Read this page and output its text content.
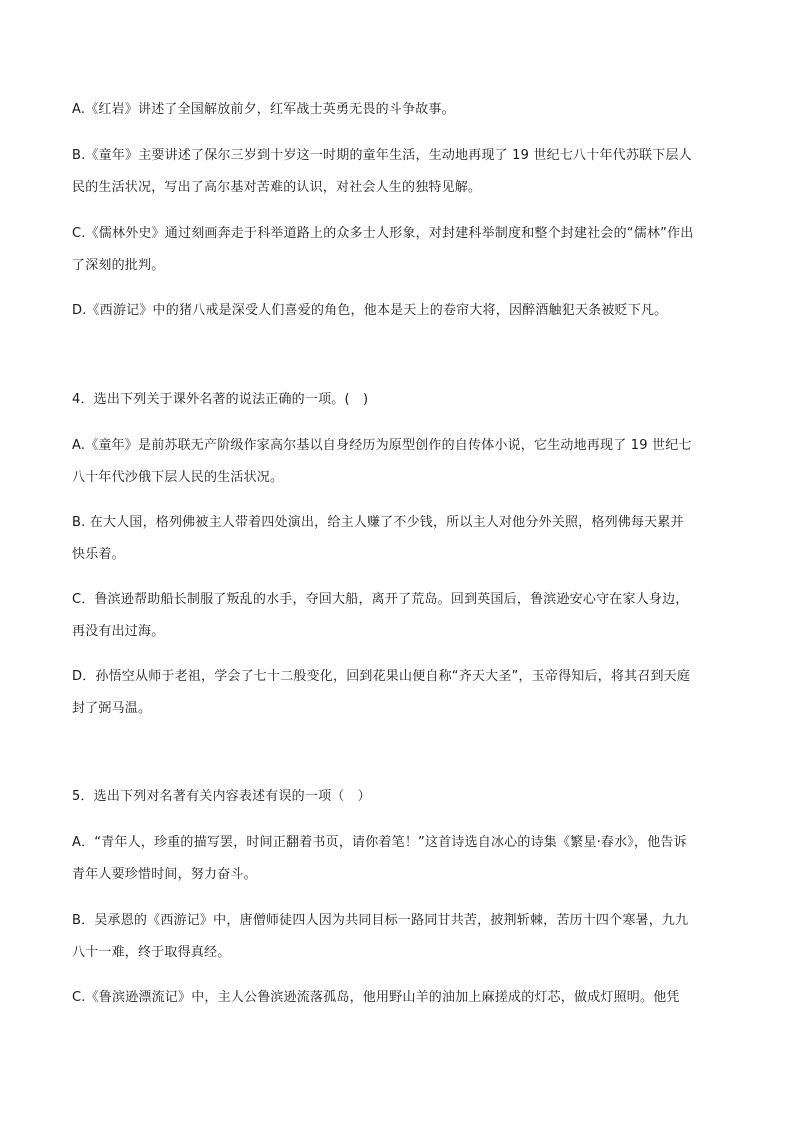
A.《红岩》讲述了全国解放前夕，红军战士英勇无畏的斗争故事。
B.《童年》主要讲述了保尔三岁到十岁这一时期的童年生活，生动地再现了 19 世纪七八十年代苏联下层人
民的生活状况，写出了高尔基对苦难的认识，对社会人生的独特见解。
C.《儒林外史》通过刻画奔走于科举道路上的众多士人形象，对封建科举制度和整个封建社会的“儒林”作出
了深刻的批判。
D.《西游记》中的猪八戒是深受人们喜爱的角色，他本是天上的卷帘大将，因醉酒触犯天条被贬下凡。
4．选出下列关于课外名著的说法正确的一项。(　)
A.《童年》是前苏联无产阶级作家高尔基以自身经历为原型创作的自传体小说，它生动地再现了 19 世纪七
八十年代沙俄下层人民的生活状况。
B. 在大人国，格列佛被主人带着四处演出，给主人赚了不少钱，所以主人对他分外关照，格列佛每天累并
快乐着。
C．鲁滨逊帮助船长制服了叛乱的水手，夺回大船，离开了荒岛。回到英国后，鲁滨逊安心守在家人身边，
再没有出过海。
D．孙悟空从师于老祖，学会了七十二般变化，回到花果山便自称“齐天大圣”，玉帝得知后，将其召到天庭
封了弼马温。
5．选出下列对名著有关内容表述有误的一项（　）
A．“青年人，珍重的描写罢，时间正翻着书页，请你着笔！”这首诗选自冰心的诗集《繁星·春水》，他告诉
青年人要珍惜时间，努力奋斗。
B．吴承恩的《西游记》中，唐僧师徒四人因为共同目标一路同甘共苦，披荆斩棘，苦历十四个寒暑，九九
八十一难，终于取得真经。
C.《鲁滨逊漂流记》中，主人公鲁滨逊流落孤岛，他用野山羊的油加上麻搓成的灯芯，做成灯照明。他凭
